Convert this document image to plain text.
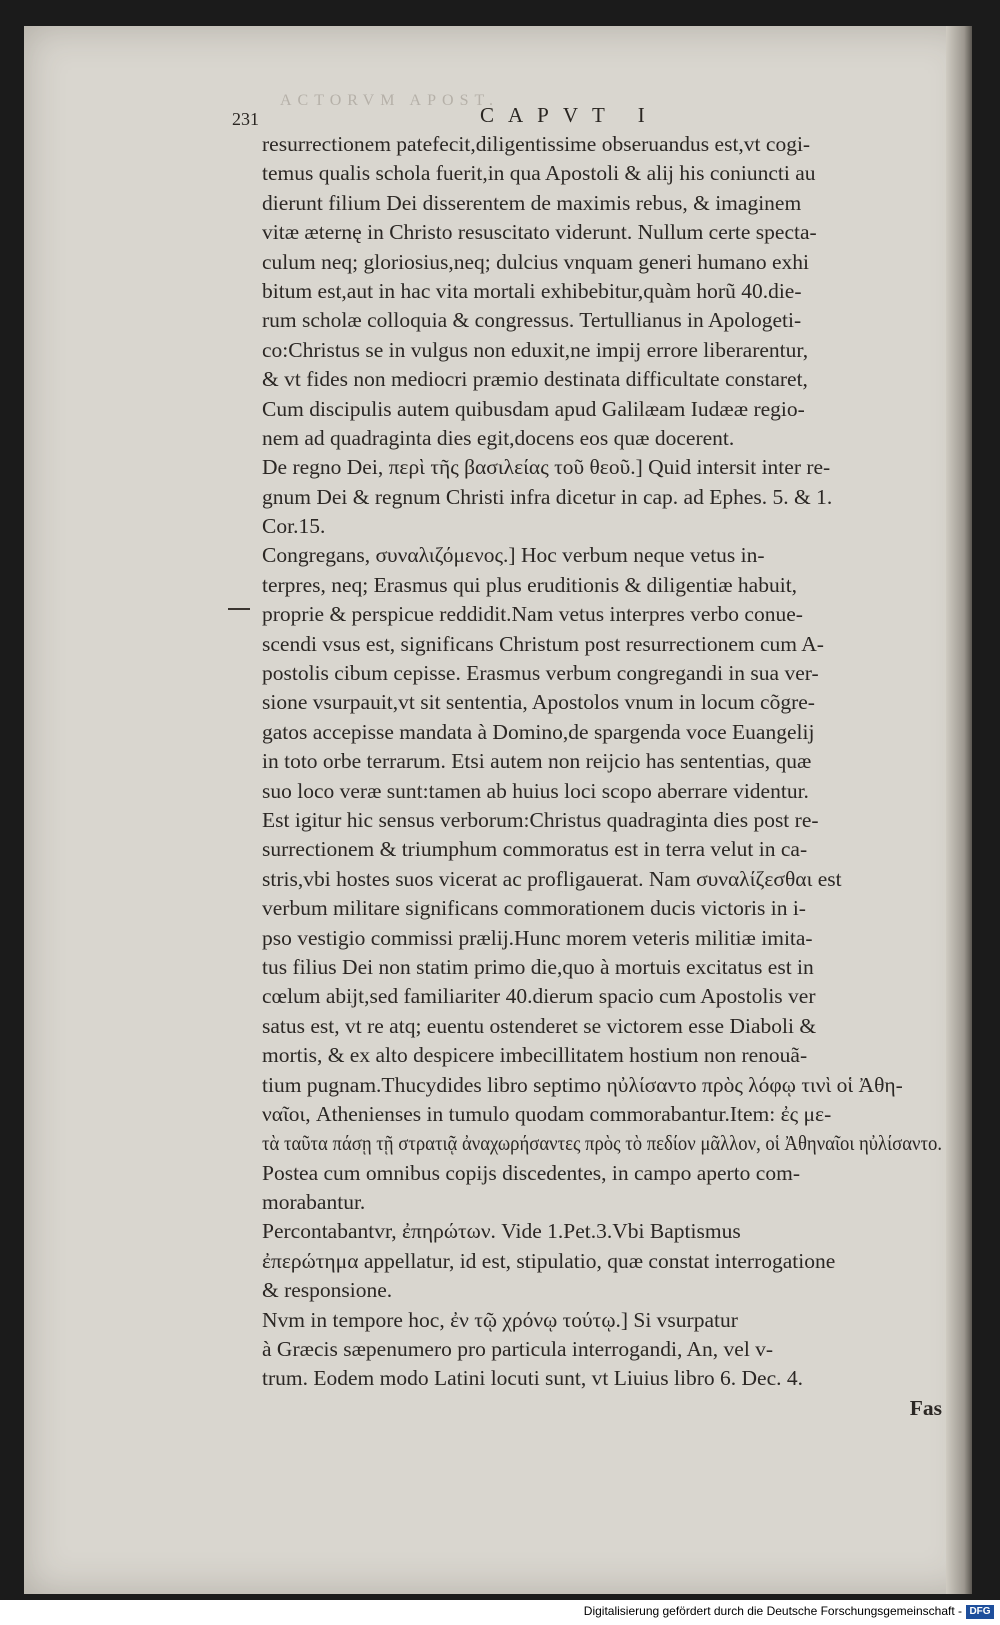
ACTORVM APOST.
231	CAPVT I
resurrectionem patefecit,diligentissime obseruandus est,vt cogi-
temus qualis schola fuerit,in qua Apostoli & alij his coniuncti au
dierunt filium Dei disserentem de maximis rebus, & imaginem
vitæ æternę in Christo resuscitato viderunt. Nullum certe specta-
culum neq; gloriosius,neq; dulcius vnquam generi humano exhi
bitum est,aut in hac vita mortali exhibebitur,quàm horũ 40.die-
rum scholæ colloquia & congressus. Tertullianus in Apologeti-
co:Christus se in vulgus non eduxit,ne impij errore liberarentur,
& vt fides non mediocri præmio destinata difficultate constaret,
Cum discipulis autem quibusdam apud Galilæam Iudææ regio-
nem ad quadraginta dies egit,docens eos quæ docerent.
De regno Dei, περὶ τῆς βασιλείας τοῦ θεοῦ.] Quid intersit inter re-
gnum Dei & regnum Christi infra dicetur in cap. ad Ephes. 5. & 1.
Cor.15.
Congregans, συναλιζόμενος.] Hoc verbum neque vetus in-
terpres, neq; Erasmus qui plus eruditionis & diligentiæ habuit,
proprie & perspicue reddidit.Nam vetus interpres verbo conue-
scendi vsus est, significans Christum post resurrectionem cum A-
postolis cibum cepisse. Erasmus verbum congregandi in sua ver-
sione vsurpauit,vt sit sententia, Apostolos vnum in locum cõgre-
gatos accepisse mandata à Domino,de spargenda voce Euangelij
in toto orbe terrarum. Etsi autem non reijcio has sententias, quæ
suo loco veræ sunt:tamen ab huius loci scopo aberrare videntur.
Est igitur hic sensus verborum:Christus quadraginta dies post re-
surrectionem & triumphum commoratus est in terra velut in ca-
stris,vbi hostes suos vicerat ac profligauerat. Nam συναλίζεσθαι est
verbum militare significans commorationem ducis victoris in i-
pso vestigio commissi prælij.Hunc morem veteris militiæ imita-
tus filius Dei non statim primo die,quo à mortuis excitatus est in
cœlum abijt,sed familiariter 40.dierum spacio cum Apostolis ver
satus est, vt re atq; euentu ostenderet se victorem esse Diaboli &
mortis, & ex alto despicere imbecillitatem hostium non renouã-
tium pugnam.Thucydides libro septimo ηὐλίσαντο πρὸς λόφῳ τινὶ οἱ Ἀθη-
ναῖοι, Athenienses in tumulo quodam commorabantur.Item: ἐς με-
τὰ ταῦτα πάσῃ τῇ στρατιᾷ ἀναχωρήσαντες πρὸς τὸ πεδίον μᾶλλον, οἱ Ἀθηναῖοι ηὐλίσαντο.
Postea cum omnibus copijs discedentes, in campo aperto com-
morabantur.
Percontabantvr, ἐπηρώτων. Vide 1.Pet.3.Vbi Baptismus
ἐπερώτημα appellatur, id est, stipulatio, quæ constat interrogatione
& responsione.
Nvm in tempore hoc, ἐν τῷ χρόνῳ τούτῳ.] Si vsurpatur
à Græcis sæpenumero pro particula interrogandi, An, vel v-
trum. Eodem modo Latini locuti sunt, vt Liuius libro 6. Dec. 4.
Fas
Digitalisierung gefördert durch die Deutsche Forschungsgemeinschaft - DFG
